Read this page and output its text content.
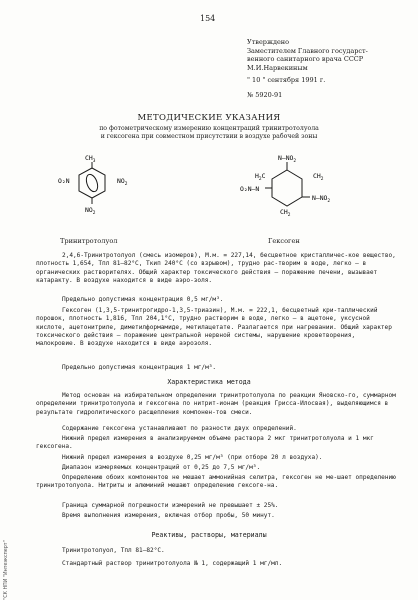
154
Утверждено
Заместителем Главного государст-
венного санитарного врача СССР
М.И.Нарвекиным
" 10 " сентября 1991 г.
№ 5920-91
МЕТОДИЧЕСКИЕ УКАЗАНИЯ
по фотометрическому измерению концентраций тринитротолуола
и гексогена при совместном присутствии в воздухе рабочей зоны
$CH_3$
O₂N	$NO_2$
$NO_2$
$N-NO_2$
$H_2C$	$CH_2$
O₂N–N
$N-NO_2$
$CH_2$
Тринитротолуол	Гексоген

2,4,6-Тринитротолуол (смесь изомеров), М.м. = 227,14, бесцветное кристалличес-кое вещество, плотность 1,654, Тпл 81–82°С, Ткип 240°С (со взрывом), трудно рас-творим в воде, легко – в органических растворителях. Общий характер токсического действия – поражение печени, вызывает катаракту. В воздухе находится в виде аэро-золя.

Предельно допустимая концентрация 0,5 мг/м³.

Гексоген (1,3,5-тринитрогидро-1,3,5-триазин), М.м. = 222,1, бесцветный кри-таллический порошок, плотность 1,816, Тпл 204,1°С, трудно растворим в воде, легко – в ацетоне, уксусной кислоте, ацетонитриле, диметилформамиде, метилацетате. Разлагается при нагревании. Общий характер токсического действия – поражение центральной нервной системы, нарушение кроветворения, малокровие. В воздухе находится в виде аэрозоля.

Предельно допустимая концентрация 1 мг/м³.

Характеристика метода

Метод основан на избирательном определении тринитротолуола по реакции Яновско-го, суммарном определении тринитротолуола и гексогена по нитрит-ионам (реакция Грисса-Илосвая), выделяющимся в результате гидролитического расщепления компонен-тов смеси.

Содержание гексогена устанавливают по разности двух определений.

Нижний предел измерения в анализируемом объеме раствора 2 мкг тринитротолуола и 1 мкг гексогена.

Нижний предел измерения в воздухе 0,25 мг/м³ (при отборе 20 л воздуха).

Диапазон измеряемых концентраций от 0,25 до 7,5 мг/м³.

Определению обоих компонентов не мешает аммонийная селитра, гексоген не ме-шает определению тринитротолуола. Нитриты и алюминий мешают определению гексоге-на.

Граница суммарной погрешности измерений не превышает ± 25%.

Время выполнения измерения, включая отбор пробы, 50 минут.

Реактивы, растворы, материалы

Тринитротолуол, Тпл 81–82°С.

Стандартный раствор тринитротолуола № 1, содержащий 1 мг/мл.

"СК НПИ "Интеэксперт"
